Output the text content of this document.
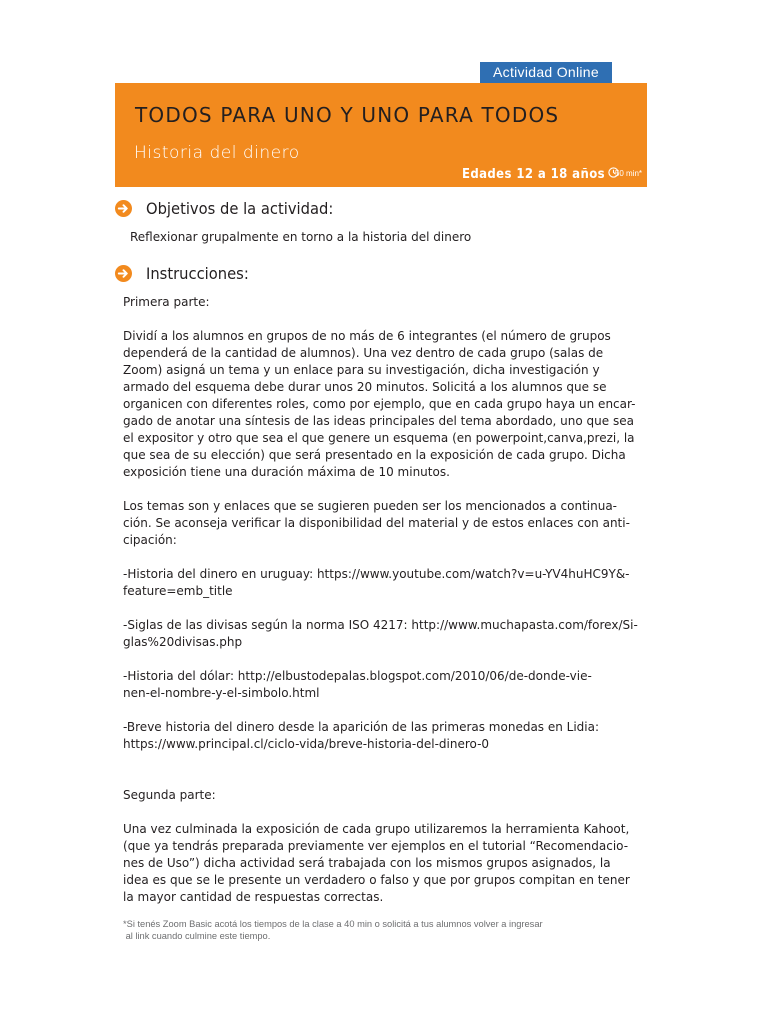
Actividad Online
TODOS PARA UNO Y UNO PARA TODOS
Historia del dinero
Edades 12 a 18 años 50 min*
Objetivos de la actividad:
Reflexionar grupalmente en torno a la historia del dinero
Instrucciones:

Primera parte:

Dividí a los alumnos en grupos de no más de 6 integrantes (el número de grupos

dependerá de la cantidad de alumnos). Una vez dentro de cada grupo (salas de

Zoom) asigná un tema y un enlace para su investigación, dicha investigación y

armado del esquema debe durar unos 20 minutos. Solicitá a los alumnos que se

organicen con diferentes roles, como por ejemplo, que en cada grupo haya un encar-

gado de anotar una síntesis de las ideas principales del tema abordado, uno que sea

el expositor y otro que sea el que genere un esquema (en powerpoint,canva,prezi, la

que sea de su elección) que será presentado en la exposición de cada grupo. Dicha

exposición tiene una duración máxima de 10 minutos.

Los temas son y enlaces que se sugieren pueden ser los mencionados a continua-

ción. Se aconseja verificar la disponibilidad del material y de estos enlaces con anti-

cipación:

-Historia del dinero en uruguay: https://www.youtube.com/watch?v=u-YV4huHC9Y&-

feature=emb_title

-Siglas de las divisas según la norma ISO 4217: http://www.muchapasta.com/forex/Si-

glas%20divisas.php

-Historia del dólar: http://elbustodepalas.blogspot.com/2010/06/de-donde-vie-

nen-el-nombre-y-el-simbolo.html

-Breve historia del dinero desde la aparición de las primeras monedas en Lidia:

https://www.principal.cl/ciclo-vida/breve-historia-del-dinero-0

Segunda parte:

Una vez culminada la exposición de cada grupo utilizaremos la herramienta Kahoot,

(que ya tendrás preparada previamente ver ejemplos en el tutorial “Recomendacio-

nes de Uso”) dicha actividad será trabajada con los mismos grupos asignados, la

idea es que se le presente un verdadero o falso y que por grupos compitan en tener

la mayor cantidad de respuestas correctas.

*Si tenés Zoom Basic acotá los tiempos de la clase a 40 min o solicitá a tus alumnos volver a ingresar
al link cuando culmine este tiempo.
